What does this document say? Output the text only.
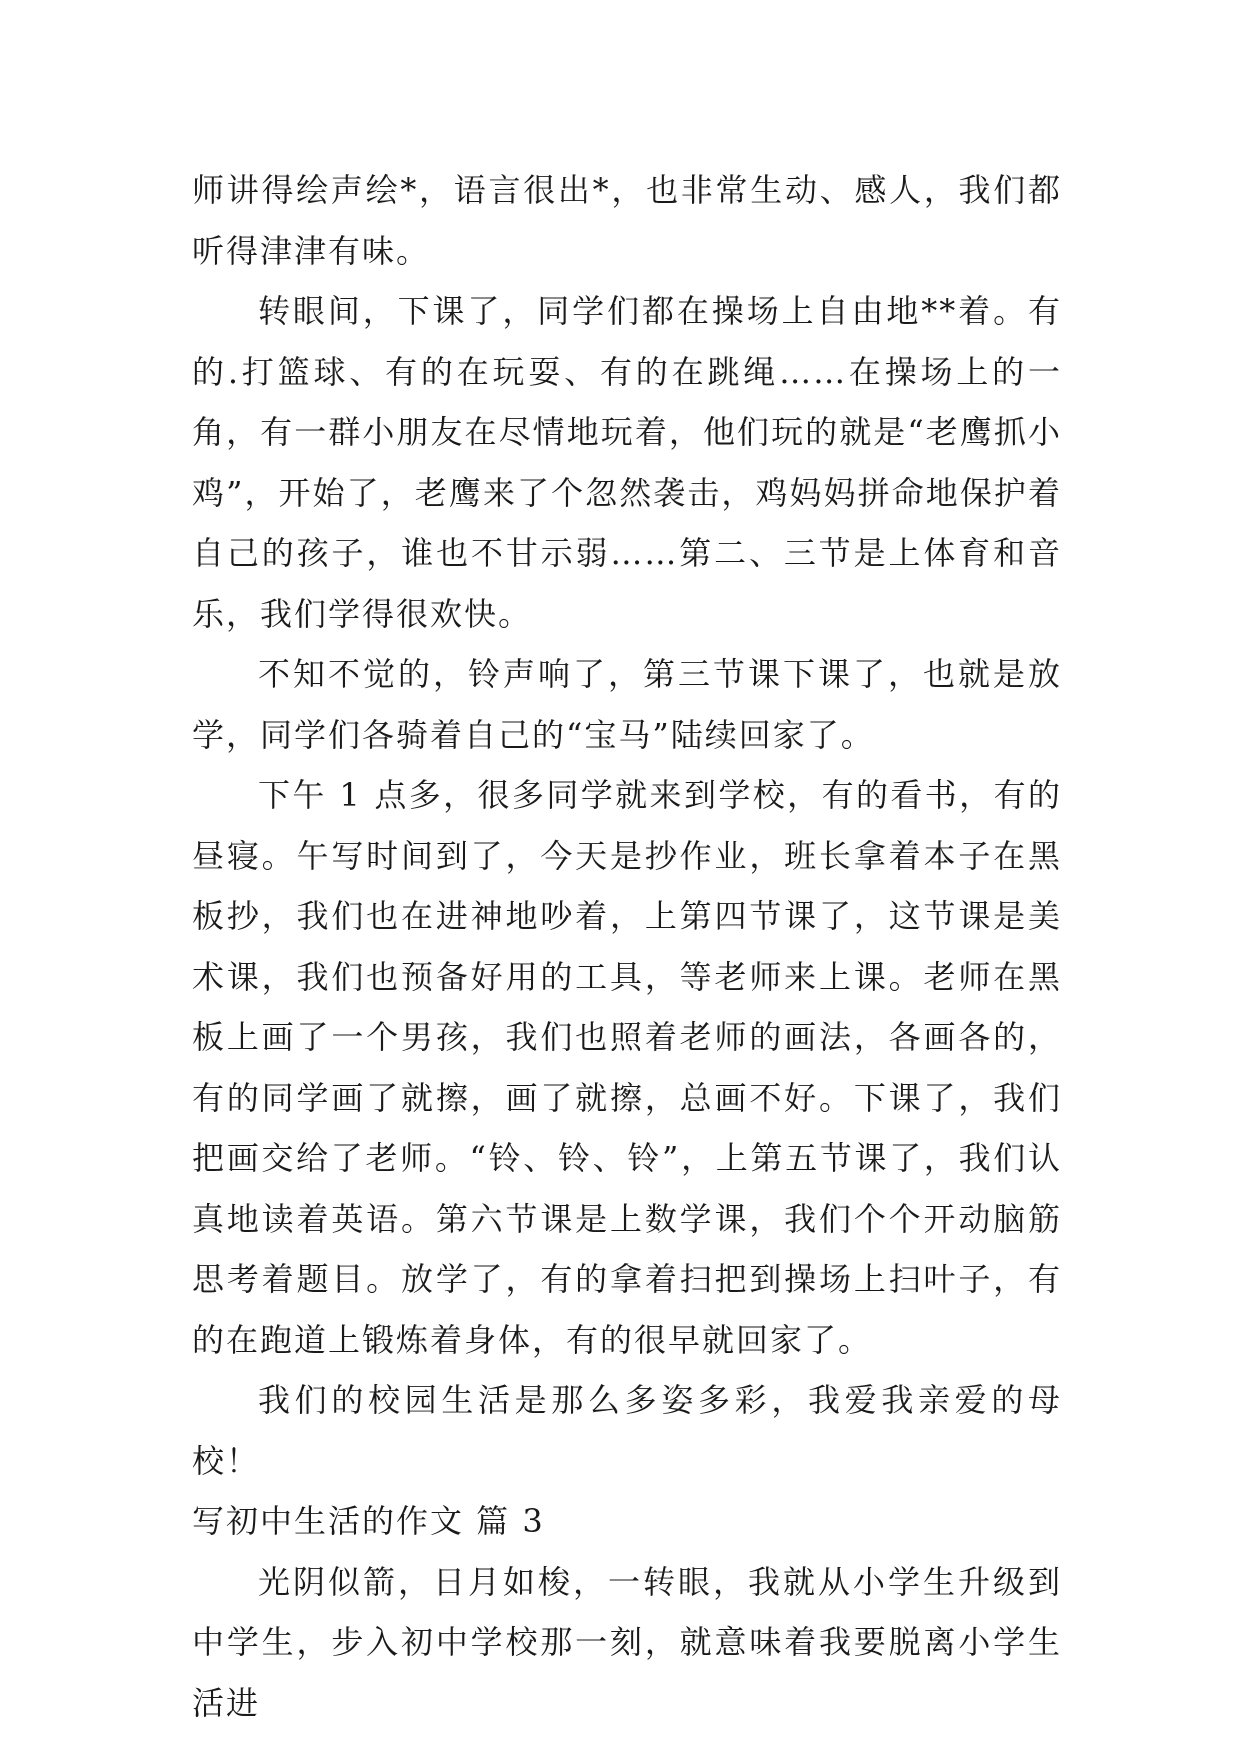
师讲得绘声绘*，语言很出*，也非常生动、感人，我们都听得津津有味。

转眼间，下课了，同学们都在操场上自由地**着。有的.打篮球、有的在玩耍、有的在跳绳……在操场上的一角，有一群小朋友在尽情地玩着，他们玩的就是“老鹰抓小鸡”，开始了，老鹰来了个忽然袭击，鸡妈妈拼命地保护着自己的孩子，谁也不甘示弱……第二、三节是上体育和音乐，我们学得很欢快。

不知不觉的，铃声响了，第三节课下课了，也就是放学，同学们各骑着自己的“宝马”陆续回家了。

下午 1 点多，很多同学就来到学校，有的看书，有的昼寝。午写时间到了，今天是抄作业，班长拿着本子在黑板抄，我们也在进神地吵着，上第四节课了，这节课是美术课，我们也预备好用的工具，等老师来上课。老师在黑板上画了一个男孩，我们也照着老师的画法，各画各的，有的同学画了就擦，画了就擦，总画不好。下课了，我们把画交给了老师。“铃、铃、铃”，上第五节课了，我们认真地读着英语。第六节课是上数学课，我们个个开动脑筋思考着题目。放学了，有的拿着扫把到操场上扫叶子，有的在跑道上锻炼着身体，有的很早就回家了。

我们的校园生活是那么多姿多彩，我爱我亲爱的母校！

写初中生活的作文 篇 3

光阴似箭，日月如梭，一转眼，我就从小学生升级到中学生，步入初中学校那一刻，就意味着我要脱离小学生活进
